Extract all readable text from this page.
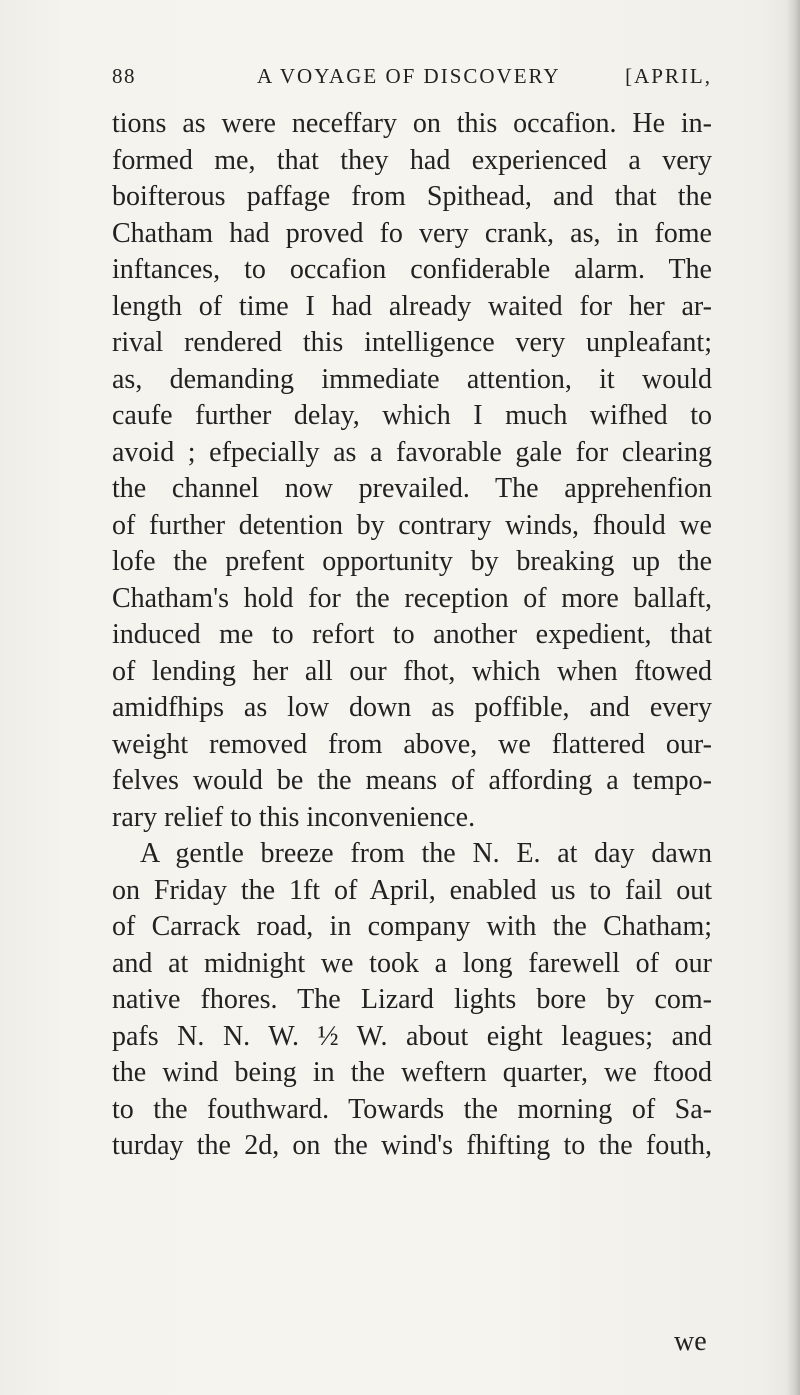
88	A VOYAGE OF DISCOVERY	[APRIL,
tions as were neceffary on this occafion. He in-
formed me, that they had experienced a very
boifterous paffage from Spithead, and that the
Chatham had proved fo very crank, as, in fome
inftances, to occafion confiderable alarm. The
length of time I had already waited for her ar-
rival rendered this intelligence very unpleafant;
as, demanding immediate attention, it would
caufe further delay, which I much wifhed to
avoid ; efpecially as a favorable gale for clearing
the channel now prevailed. The apprehenfion
of further detention by contrary winds, fhould we
lofe the prefent opportunity by breaking up the
Chatham's hold for the reception of more ballaft,
induced me to refort to another expedient, that
of lending her all our fhot, which when ftowed
amidfhips as low down as poffible, and every
weight removed from above, we flattered our-
felves would be the means of affording a tempo-
rary relief to this inconvenience.
A gentle breeze from the N. E. at day dawn
on Friday the 1ft of April, enabled us to fail out
of Carrack road, in company with the Chatham;
and at midnight we took a long farewell of our
native fhores. The Lizard lights bore by com-
pafs N. N. W. ½ W. about eight leagues; and
the wind being in the weftern quarter, we ftood
to the fouthward. Towards the morning of Sa-
turday the 2d, on the wind's fhifting to the fouth,
we
